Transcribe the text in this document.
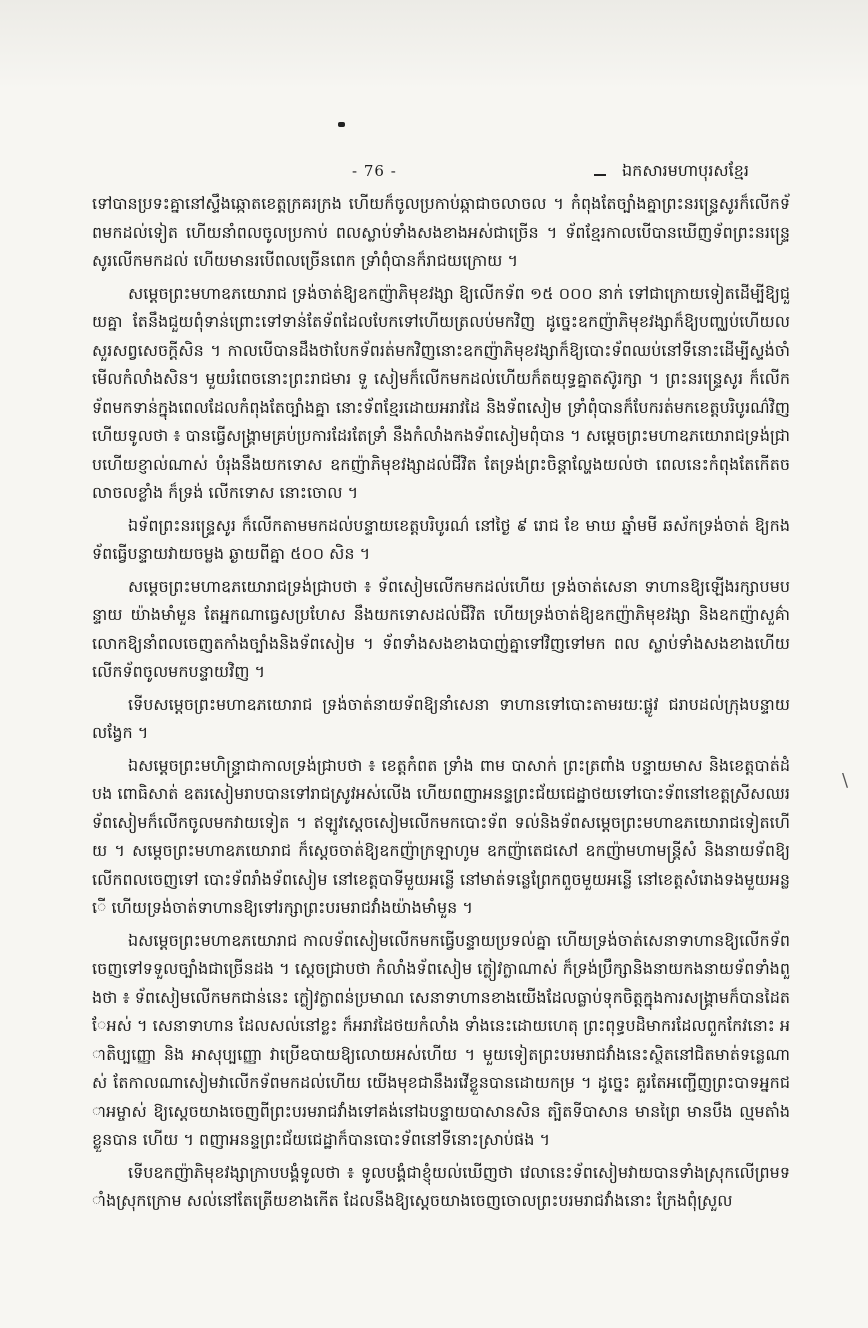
- 76 -	ឯកសារមហាបុរសខ្មែរ

ទៅបានប្រទះគ្នានៅស្ទឹងឆ្កោតខេត្តក្រគរក្រង ហើយក៏ចូលប្រកាប់ឆ្កាជាចលាចល ។ កំពុងតែច្បាំងគ្នាព្រះនរន្ទ្រេសូរក៏លើកទ័ពមកដល់ទៀត ហើយនាំពលចូលប្រកាប់ ពលស្លាប់ទាំងសងខាងអស់ជាច្រើន ។ ទ័ពខ្មែរកាលបើបានឃើញទ័ពព្រះនរន្ទ្រេសូរលើកមកដល់ ហើយមានរបើពលច្រើនពេក ទ្រាំពុំបានក៏រាជយក្រោយ ។

សម្តេចព្រះមហាឧភយោរាជ ទ្រង់ចាត់ឱ្យឧកញ៉ាភិមុខវង្សា ឱ្យលើកទ័ព ១៥ ០០០ នាក់ ទៅជាក្រោយទៀតដើម្បីឱ្យជួយគ្នា តែនឹងជួយពុំទាន់ព្រោះទៅទាន់តែទ័ពដែលបែកទៅហើយត្រលប់មកវិញ ដូច្នេះឧកញ៉ាភិមុខវង្សាក៏ឱ្យបញ្ឈប់ហើយលសួរសព្វសេចក្តីសិន ។ កាលបើបានដឹងថាបែកទ័ពរត់មកវិញនោះឧកញ៉ាភិមុខវង្សាក៏ឱ្យបោះទ័ពឈប់នៅទីនោះដើម្បីស្ទង់ចាំមើលកំលាំងសិន។ មួយរំពេចនោះព្រះរាជមារ ទួ សៀមក៏លើកមកដល់ហើយក៏តយុទ្ធគ្នាតស៊ូរក្សា ។ ព្រះនរន្ទ្រេសូរ ក៏លើកទ័ពមកទាន់ក្នុងពេលដែលកំពុងតែច្បាំងគ្នា នោះទ័ពខ្មែរដោយអរាវដៃ និងទ័ពសៀម ទ្រាំពុំបានក៏បែករត់មកខេត្តបរិបូរណ៌វិញ ហើយទូលថា ៖ បានធ្វើសង្គ្រាមគ្រប់ប្រការដែរតែទ្រាំ នឹងកំលាំងកងទ័ពសៀមពុំបាន ។ សម្តេចព្រះមហាឧភយោរាជទ្រង់ជ្រាបហើយខ្ញាល់ណាស់ បំរុងនឹងយកទោស ឧកញ៉ាភិមុខវង្សាដល់ជីវិត តែទ្រង់ព្រះចិន្តាល្ហែងយល់ថា ពេលនេះកំពុងតែកើតចលាចលខ្លាំង ក៏ទ្រង់ លើកទោស នោះចោល ។

ឯទ័ពព្រះនរន្ទ្រេសូរ ក៏លើកតាមមកដល់បន្ទាយខេត្តបរិបូរណ៌ នៅថ្ងៃ ៩ រោជ ខែ មាឃ ឆ្នាំមមី ឆស័កទ្រង់ចាត់ ឱ្យកងទ័ពធ្វើបន្ទាយវាយចម្លង ឆ្ងាយពីគ្នា ៥០០ សិន ។

សម្តេចព្រះមហាឧភយោរាជទ្រង់ជ្រាបថា ៖ ទ័ពសៀមលើកមកដល់ហើយ ទ្រង់ចាត់សេនា ទាហានឱ្យឡើងរក្សាបមបន្ទាយ យ៉ាងមាំមួន តែអ្នកណាធ្វេសប្រហែស នឹងយកទោសដល់ជីវិត ហើយទ្រង់ចាត់ឱ្យឧកញ៉ាភិមុខវង្សា និងឧកញ៉ាសួគ៌ាលោកឱ្យនាំពលចេញតកាំងច្បាំងនិងទ័ពសៀម ។ ទ័ពទាំងសងខាងបាញ់គ្នាទៅវិញទៅមក ពល ស្លាប់ទាំងសងខាងហើយលើកទ័ពចូលមកបន្ទាយវិញ ។

ទើបសម្តេចព្រះមហាឧភយោរាជ ទ្រង់ចាត់នាយទ័ពឱ្យនាំសេនា ទាហានទៅបោះតាមរយៈផ្លូវ ជរាបដល់ក្រុងបន្ទាយលង្វែក ។

ឯសម្តេចព្រះមហិន្ទ្រាជាកាលទ្រង់ជ្រាបថា ៖ ខេត្តកំពត ទ្រាំង ពាម បាសាក់ ព្រះត្រពាំង បន្ទាយមាស និងខេត្តបាត់ដំបង ពោធិសាត់ ឧតរសៀមរាបបានទៅរាជស្រូវអស់លើង ហើយពញាអនន្ទព្រះជ័យជេដ្ឋាថយទៅបោះទ័ពនៅខេត្តស្រីសឈរ ទ័ពសៀមក៏លើកចូលមកវាយទៀត ។ ឥឡូវស្តេចសៀមលើកមកបោះទ័ព ទល់និងទ័ពសម្តេចព្រះមហាឧភយោរាជទៀតហើយ ។ សម្តេចព្រះមហាឧភយោរាជ ក៏ស្តេចចាត់ឱ្យឧកញ៉ាក្រឡាហូម ឧកញ៉ាតេជសៅ ឧកញ៉ាមហាមន្ត្រីសំ និងនាយទ័ពឱ្យលើកពលចេញទៅ បោះទ័ពរាំងទ័ពសៀម នៅខេត្តបាទីមួយអន្លើ នៅមាត់ទន្លេព្រែកពួចមួយអន្លើ នៅខេត្តសំរោងទងមួយអន្លើ ហើយទ្រង់ចាត់ទាហានឱ្យទៅរក្សាព្រះបរមរាជវាំងយ៉ាងមាំមួន ។

ឯសម្តេចព្រះមហាឧភយោរាជ កាលទ័ពសៀមលើកមកធ្វើបន្ទាយប្រទល់គ្នា ហើយទ្រង់ចាត់សេនាទាហានឱ្យលើកទ័ពចេញទៅទទួលច្បាំងជាច្រើនដង ។ ស្តេចជ្រាបថា កំលាំងទ័ពសៀម ក្លៀវក្លាណាស់ ក៏ទ្រង់ប្រឹក្សានិងនាយកងនាយទ័ពទាំងពួងថា ៖ ទ័ពសៀមលើកមកជាន់នេះ ក្លៀវក្លាពន់ប្រមាណ សេនាទាហានខាងយើងដែលធ្លាប់ទុកចិត្តក្នុងការសង្គ្រាមក៏បានដៃតែអស់ ។ សេនាទាហាន ដែលសល់នៅខ្លះ ក៏អរាវដៃថយកំលាំង ទាំងនេះដោយហេតុ ព្រះពុទ្ធបដិមាករដែលពួកកែវនោះ អាតិប្បញ្ញោ និង អាសុប្បញ្ញោ វាប្រើឧបាយឱ្យលោយអស់ហើយ ។ មួយទៀតព្រះបរមរាជវាំងនេះស្ថិតនៅជិតមាត់ទន្លេណាស់ តែកាលណាសៀមវាលើកទ័ពមកដល់ហើយ យើងមុខជានឹងរវើខ្លួនបានដោយកម្រ ។ ដូច្នេះ គួរតែអញ្ជើញព្រះបាទអ្នកជាអម្ចាស់ ឱ្យស្តេចយាងចេញពីព្រះបរមរាជវាំងទៅគង់នៅឯបន្ទាយបាសានសិន ត្បិតទីបាសាន មានព្រៃ មានបឹង ល្មមតាំងខ្លួនបាន ហើយ ។ ពញាអនន្ទព្រះជ័យជេដ្ឋាក៏បានបោះទ័ពនៅទីនោះស្រាប់ផង ។

ទើបឧកញ៉ាភិមុខវង្សាក្រាបបង្គំទូលថា ៖ ទូលបង្គំជាខ្ញុំយល់ឃើញថា វេលានេះទ័ពសៀមវាយបានទាំងស្រុកលើព្រមទាំងស្រុកក្រោម សល់នៅតែត្រើយខាងកើត ដែលនឹងឱ្យស្តេចយាងចេញចោលព្រះបរមរាជវាំងនោះ ក្រែងពុំស្រួល

\
